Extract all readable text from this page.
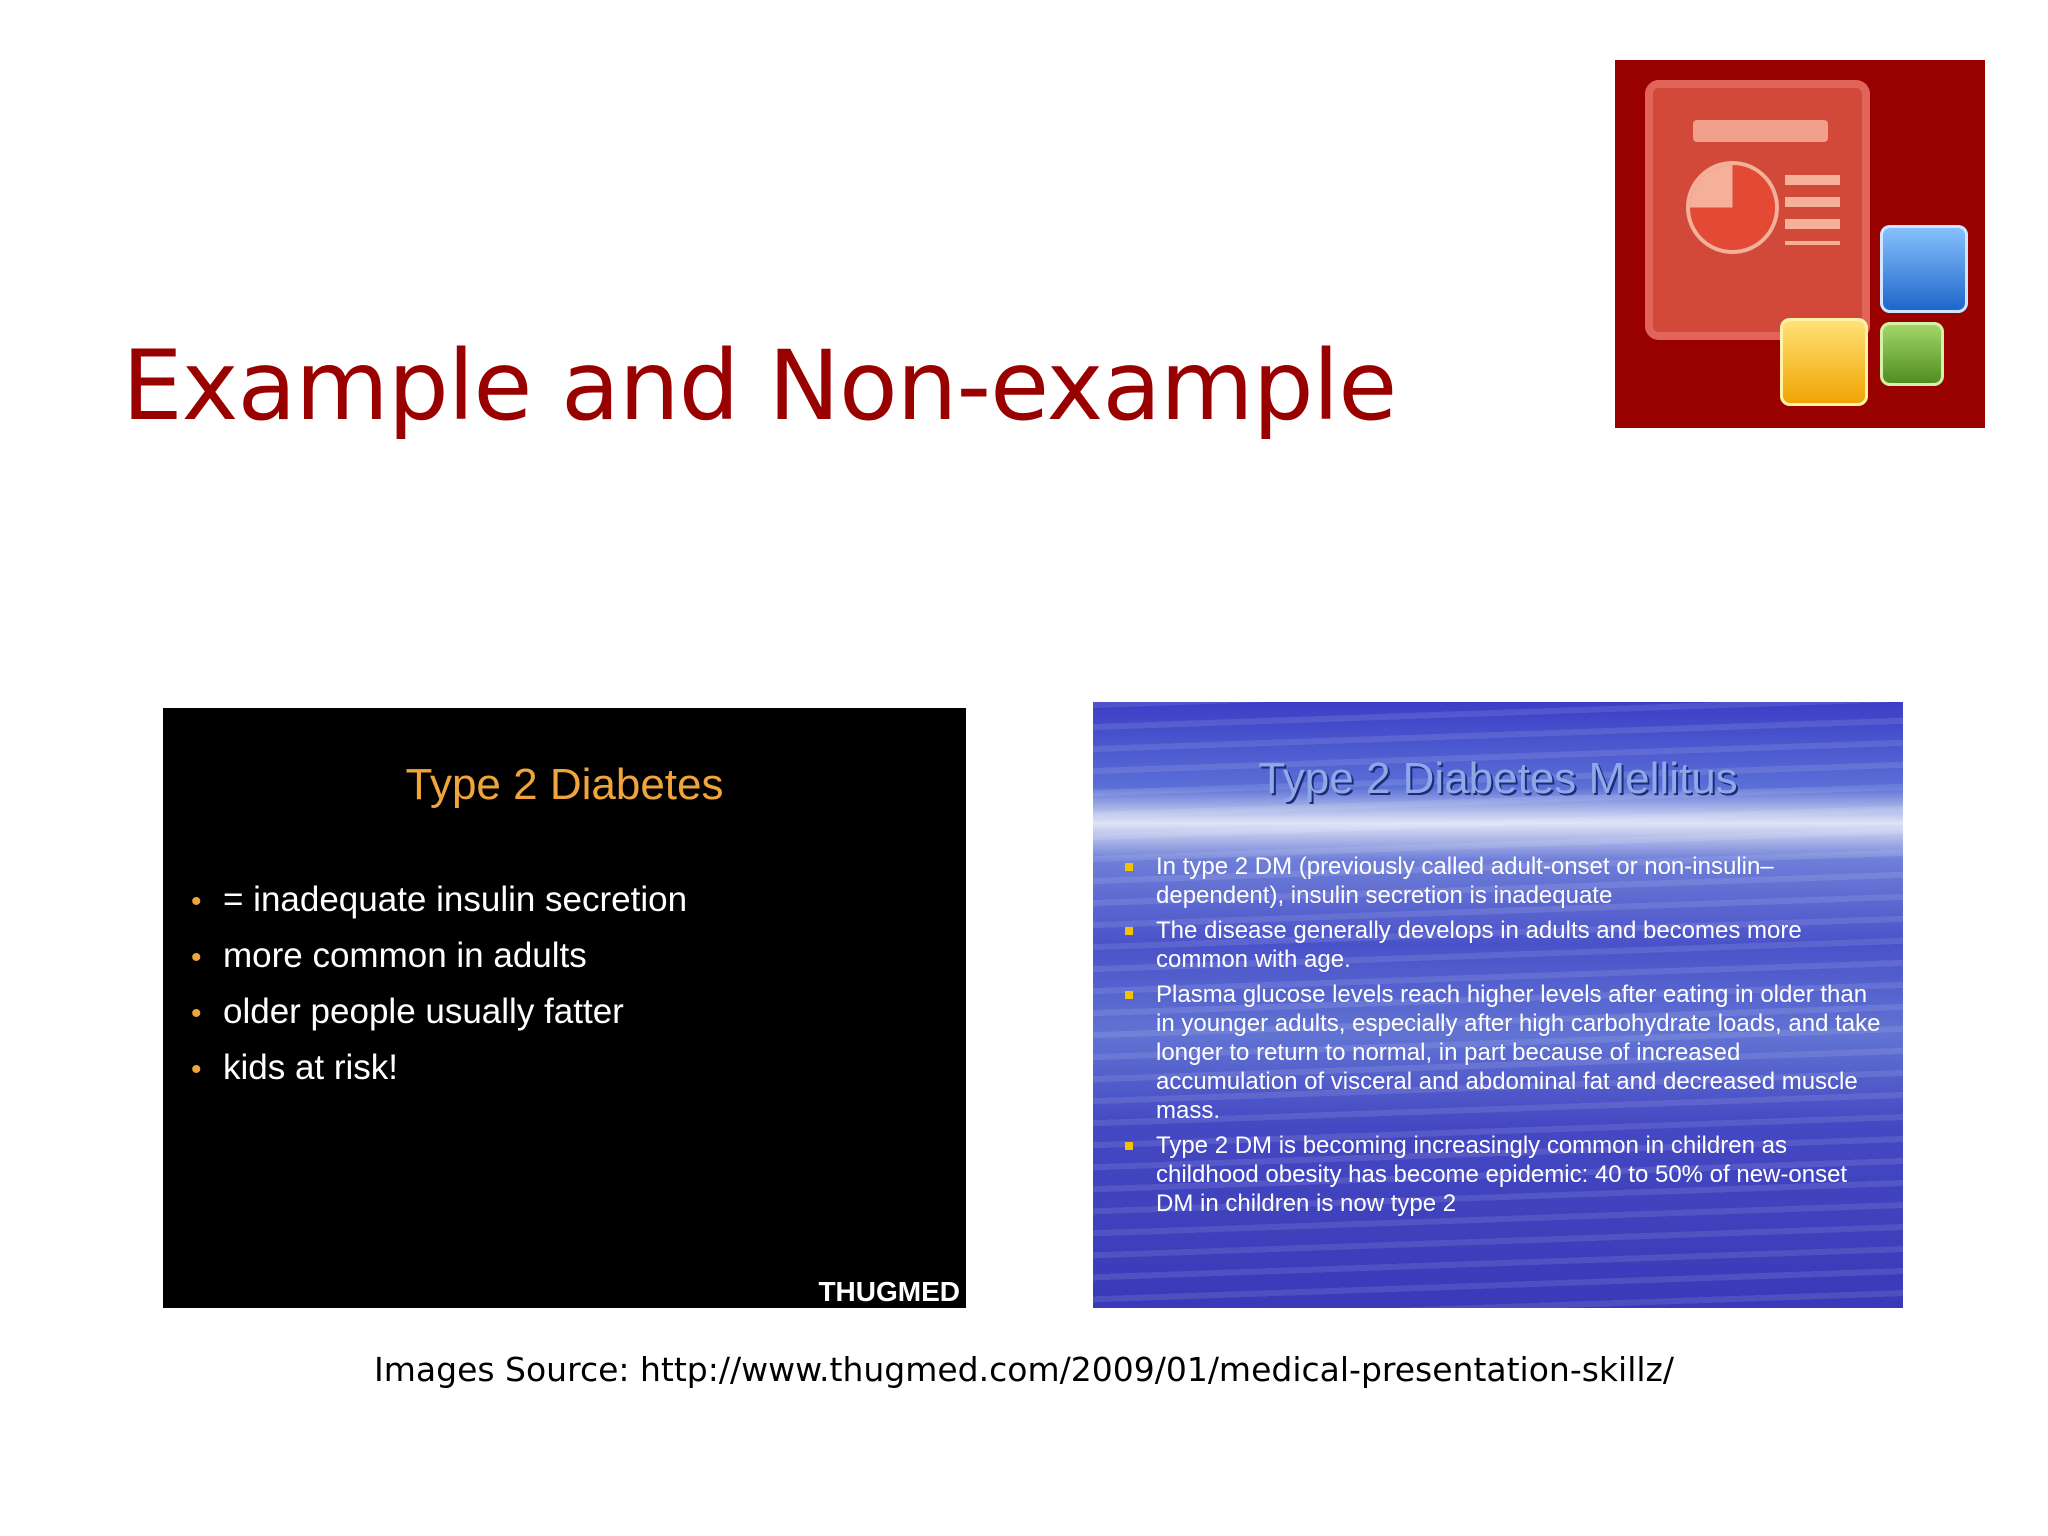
Example and Non-example
Type 2 Diabetes
• = inadequate insulin secretion
• more common in adults
• older people usually fatter
• kids at risk!
THUGMED
Type 2 Diabetes Mellitus
In type 2 DM (previously called adult-onset or non-insulin–dependent), insulin secretion is inadequate
The disease generally develops in adults and becomes more common with age.
Plasma glucose levels reach higher levels after eating in older than in younger adults, especially after high carbohydrate loads, and take longer to return to normal, in part because of increased accumulation of visceral and abdominal fat and decreased muscle mass.
Type 2 DM is becoming increasingly common in children as childhood obesity has become epidemic: 40 to 50% of new-onset DM in children is now type 2
Images Source: http://www.thugmed.com/2009/01/medical-presentation-skillz/
